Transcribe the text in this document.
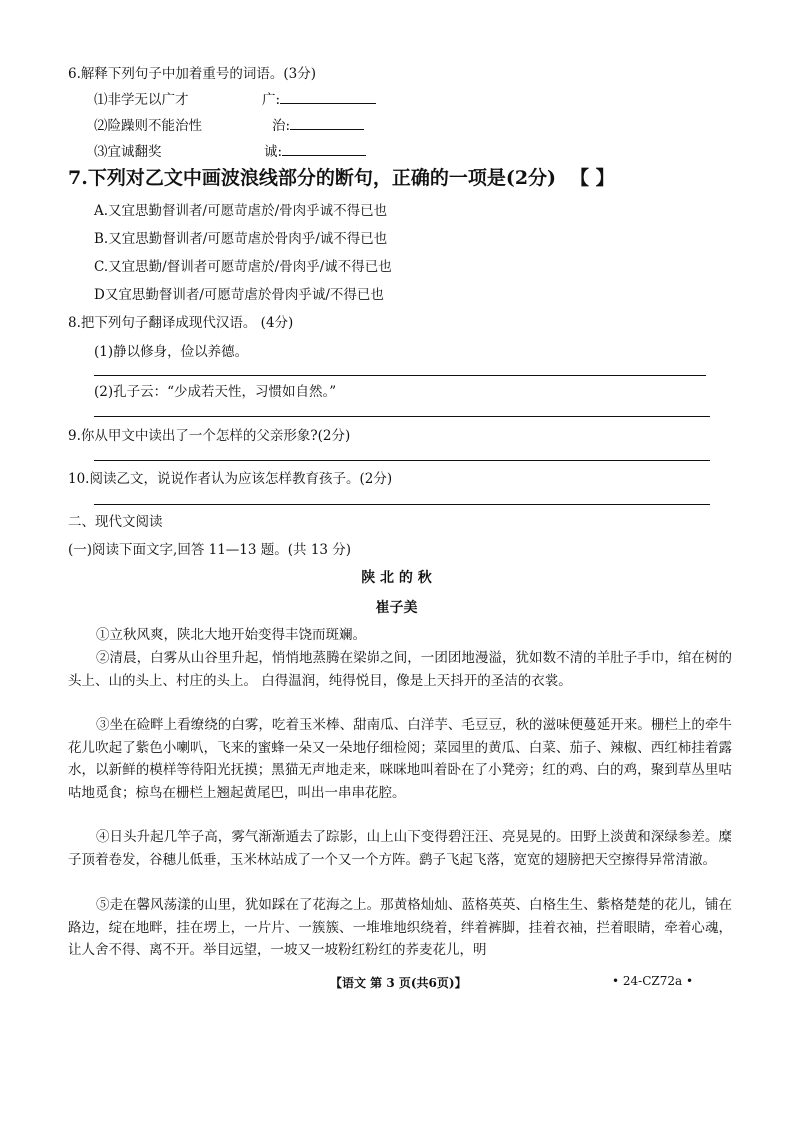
6.解释下列句子中加着重号的词语。(3分)
⑴非学无以广才	广:
⑵险躁则不能治性	治:
⑶宜诚翻奖	诚:
7.下列对乙文中画波浪线部分的断句，正确的一项是(2分) 【 】
A.又宜思勤督训者/可愿苛虐於/骨肉乎诚不得已也
B.又宜思勤督训者/可愿苛虐於骨肉乎/诚不得已也
C.又宜思勤/督训者可愿苛虐於/骨肉乎/诚不得已也
D又宜思勤督训者/可愿苛虐於骨肉乎诚/不得已也
8.把下列句子翻译成现代汉语。 (4分)
(1)静以修身，俭以养德。
(2)孔子云：“少成若天性，习惯如自然。”
9.你从甲文中读出了一个怎样的父亲形象?(2分)
10.阅读乙文，说说作者认为应该怎样教育孩子。(2分)
二、现代文阅读
(一)阅读下面文字,回答 11—13 题。(共 13 分)
陕 北 的 秋
崔子美
①立秋风爽，陕北大地开始变得丰饶而斑斓。
②清晨，白雾从山谷里升起，悄悄地蒸腾在梁峁之间，一团团地漫溢，犹如数不清的羊肚子手巾，绾在树的头上、山的头上、村庄的头上。 白得温润，纯得悦目，像是上天抖开的圣洁的衣裳。
③坐在硷畔上看缭绕的白雾，吃着玉米棒、甜南瓜、白洋芋、毛豆豆，秋的滋味便蔓延开来。栅栏上的牵牛花儿吹起了紫色小喇叭，飞来的蜜蜂一朵又一朵地仔细检阅；菜园里的黄瓜、白菜、茄子、辣椒、西红柿挂着露水，以新鲜的模样等待阳光抚摸；黑猫无声地走来，咪咪地叫着卧在了小凳旁；红的鸡、白的鸡，聚到草丛里咕咕地觅食；椋鸟在栅栏上翘起黄尾巴，叫出一串串花腔。
④日头升起几竿子高，雾气渐渐遁去了踪影，山上山下变得碧汪汪、亮晃晃的。田野上淡黄和深绿参差。糜子顶着卷发，谷穗儿低垂，玉米林站成了一个又一个方阵。鹞子飞起飞落，宽宽的翅膀把天空擦得异常清澈。
⑤走在馨风荡漾的山里，犹如踩在了花海之上。那黄格灿灿、蓝格英英、白格生生、紫格楚楚的花儿，铺在路边，绽在地畔，挂在塄上，一片片、一簇簇、一堆堆地织绕着，绊着裤脚，挂着衣袖，拦着眼睛，牵着心魂，让人舍不得、离不开。举目远望，一坡又一坡粉红粉红的荞麦花儿，明
【语文 第 3 页(共6页)】	• 24-CZ72a •
